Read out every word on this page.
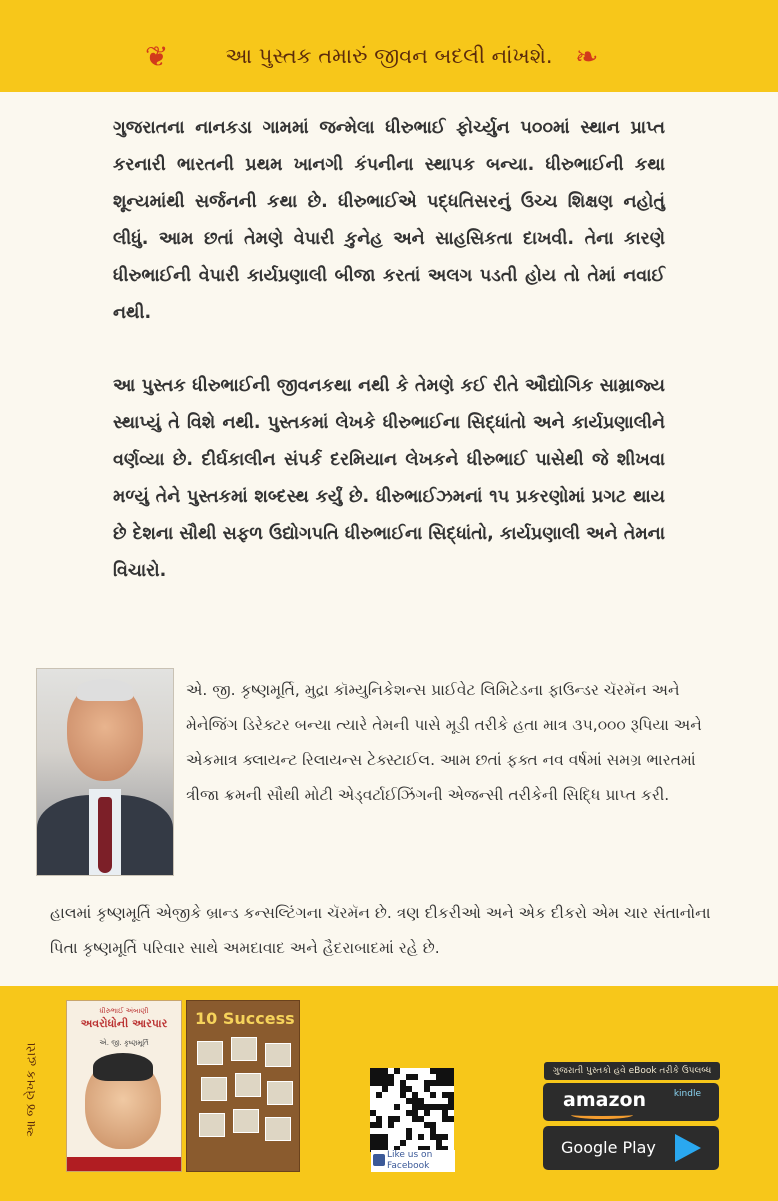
❦	આ પુસ્તક તમારું જીવન બદલી નાંખશે. ❧
ગુજરાતના નાનકડા ગામમાં જન્મેલા ધીરુભાઈ ફોર્ચ્યુન ૫૦૦માં સ્થાન પ્રાપ્ત કરનારી ભારતની પ્રથમ ખાનગી કંપનીના સ્થાપક બન્યા. ધીરુભાઈની કથા શૂન્યમાંથી સર્જનની કથા છે. ધીરુભાઈએ પદ્ધતિસરનું ઉચ્ચ શિક્ષણ નહોતું લીધું. આમ છતાં તેમણે વેપારી કુનેહ અને સાહસિકતા દાખવી. તેના કારણે ધીરુભાઈની વેપારી કાર્યપ્રણાલી બીજા કરતાં અલગ પડતી હોય તો તેમાં નવાઈ નથી.
આ પુસ્તક ધીરુભાઈની જીવનકથા નથી કે તેમણે કઈ રીતે ઔદ્યોગિક સામ્રાજ્ય સ્થાપ્યું તે વિશે નથી. પુસ્તકમાં લેખકે ધીરુભાઈના સિદ્ધાંતો અને કાર્યપ્રણાલીને વર્ણવ્યા છે. દીર્ઘકાલીન સંપર્ક દરમિયાન લેખકને ધીરુભાઈ પાસેથી જે શીખવા મળ્યું તેને પુસ્તકમાં શબ્દસ્થ કર્યું છે. ધીરુભાઈઝમનાં ૧૫ પ્રકરણોમાં પ્રગટ થાય છે દેશના સૌથી સફળ ઉદ્યોગપતિ ધીરુભાઈના સિદ્ધાંતો, કાર્યપ્રણાલી અને તેમના વિચારો.
એ. જી. કૃષ્ણમૂર્તિ, મુદ્રા કૉમ્યુનિકેશન્સ પ્રાઈવેટ લિમિટેડના ફાઉન્ડર ચૅરમૅન અને મેનેજિંગ ડિરેક્ટર બન્યા ત્યારે તેમની પાસે મૂડી તરીકે હતા માત્ર ૩૫,૦૦૦ રૂપિયા અને એકમાત્ર ક્લાયન્ટ રિલાયન્સ ટેક્સ્ટાઈલ. આમ છતાં ફક્ત નવ વર્ષમાં સમગ્ર ભારતમાં ત્રીજા ક્રમની સૌથી મોટી એડ્વર્ટાઈઝિંગની એજન્સી તરીકેની સિદ્ધિ પ્રાપ્ત કરી.
હાલમાં કૃષ્ણમૂર્તિ એજીકે બ્રાન્ડ કન્સલ્ટિંગના ચૅરમૅન છે. ત્રણ દીકરીઓ અને એક દીકરો એમ ચાર સંતાનોના પિતા કૃષ્ણમૂર્તિ પરિવાર સાથે અમદાવાદ અને હૈદરાબાદમાં રહે છે.
આ જ લેખક દ્વારા
ધીરુભાઈ અંબાણી
અવરોધોની આરપાર
એ. જી. કૃષ્ણમૂર્તિ
10 Success
Like us on
Facebook
ગુજરાતી પુસ્તકો હવે eBook તરીકે ઉપલબ્ધ
amazon	kindle
Google Play
